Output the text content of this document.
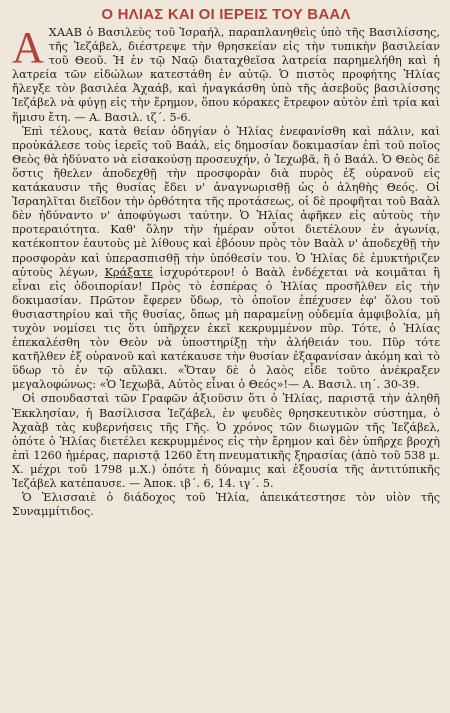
Ο ΗΛΙΑΣ ΚΑΙ ΟΙ ΙΕΡΕΙΣ ΤΟΥ ΒΑΑΛ

ΑΧΑΑΒ ὁ Βασιλεὺς τοῦ Ἰσραήλ, παραπλανηθεὶς ὑπὸ τῆς Βασιλίσσης, τῆς Ἰεζάβελ, διέστρεψε τὴν θρησκείαν εἰς τὴν τυπικὴν βασιλείαν τοῦ Θεοῦ. Ἡ ἐν τῷ Ναῷ διαταχθεῖσα λατρεία παρημελήθη καὶ ἡ λατρεία τῶν εἰδώλων κατεστάθη ἐν αὐτῷ. Ὁ πιστὸς προφήτης Ἠλίας ἤλεγξε τὸν βασιλέα Ἀχαάβ, καὶ ἠναγκάσθη ὑπὸ τῆς ἀσεβοῦς βασιλίσσης Ἰεζάβελ νὰ φύγῃ εἰς τὴν ἔρημον, ὅπου κόρακες ἔτρεφον αὐτὸν ἐπὶ τρία καὶ ἥμισυ ἔτη. — Α. Βασιλ. ιζ΄. 5-6.

Ἐπὶ τέλους, κατὰ θείαν ὁδηγίαν ὁ Ἠλίας ἐνεφανίσθη καὶ πάλιν, καὶ προὐκάλεσε τοὺς ἱερεῖς τοῦ Βαάλ, εἰς δημοσίαν δοκιμασίαν ἐπὶ τοῦ ποῖος Θεὸς θὰ ἠδύνατο νὰ εἰσακούσῃ προσευχήν, ὁ Ἰεχωβᾶ, ἢ ὁ Βαάλ. Ὁ Θεὸς δὲ ὅστις ἤθελεν ἀποδεχθῇ τὴν προσφορὰν διὰ πυρὸς ἐξ οὐρανοῦ εἰς κατάκαυσιν τῆς θυσίας ἔδει ν' ἀναγνωρισθῇ ὡς ὁ ἀληθὴς Θεός. Οἱ Ἰσραηλῖται διεῖδον τὴν ὀρθότητα τῆς προτάσεως, οἱ δὲ προφῆται τοῦ Βαὰλ δὲν ἠδύναντο ν' ἀποφύγωσι ταύτην. Ὁ Ἠλίας ἀφῆκεν εἰς αὐτοὺς τὴν προτεραιότητα. Καθ' ὅλην τὴν ἡμέραν οὗτοι διετέλουν ἐν ἀγωνίᾳ, κατέκοπτον ἑαυτοὺς μὲ λίθους καὶ ἐβόουν πρὸς τὸν Βαὰλ ν' ἀποδεχθῇ τὴν προσφορὰν καὶ ὑπερασπισθῇ τὴν ὑπόθεσίν του. Ὁ Ἠλίας δὲ ἐμυκτήριζεν αὐτοὺς λέγων, Κράξατε ἰσχυρότερον! ὁ Βαὰλ ἐνδέχεται νὰ κοιμᾶται ἢ εἶναι εἰς ὁδοιπορίαν! Πρὸς τὸ ἑσπέρας ὁ Ἠλίας προσῆλθεν εἰς τὴν δοκιμασίαν. Πρῶτον ἔφερεν ὕδωρ, τὸ ὁποῖον ἐπέχυσεν ἐφ' ὅλου τοῦ θυσιαστηρίου καὶ τῆς θυσίας, ὅπως μὴ παραμείνῃ οὐδεμία ἀμφιβολία, μὴ τυχὸν νομίσει τις ὅτι ὑπῆρχεν ἐκεῖ κεκρυμμένον πῦρ. Τότε, ὁ Ἠλίας ἐπεκαλέσθη τὸν Θεὸν νὰ ὑποστηρίξῃ τὴν ἀλήθειάν του. Πῦρ τότε κατῆλθεν ἐξ οὐρανοῦ καὶ κατέκαυσε τὴν θυσίαν ἐξαφανίσαν ἀκόμη καὶ τὸ ὕδωρ τὸ ἐν τῷ αὔλακι. «Ὅταν δὲ ὁ λαὸς εἶδε τοῦτο ἀνέκραξεν μεγαλοφώνως: «Ὁ Ἰεχωβᾶ, Αὐτὸς εἶναι ὁ Θεός»!— Α. Βασιλ. ιη΄. 30-39.

Οἱ σπουδασταὶ τῶν Γραφῶν ἀξιοῦσιν ὅτι ὁ Ἠλίας, παριστᾷ τὴν ἀληθῆ Ἐκκλησίαν, ἡ Βασίλισσα Ἰεζάβελ, ἐν ψευδὲς θρησκευτικὸν σύστημα, ὁ Ἀχαὰβ τὰς κυβερνήσεις τῆς Γῆς. Ὁ χρόνος τῶν διωγμῶν τῆς Ἰεζάβελ, ὁπότε ὁ Ἠλίας διετέλει κεκρυμμένος εἰς τὴν ἔρημον καὶ δὲν ὑπῆρχε βροχὴ ἐπὶ 1260 ἡμέρας, παριστᾷ 1260 ἔτη πνευματικῆς ξηρασίας (ἀπὸ τοῦ 538 μ. Χ. μέχρι τοῦ 1798 μ.Χ.) ὁπότε ἡ δύναμις καὶ ἐξουσία τῆς ἀντιτύπικῆς Ἰεζάβελ κατέπαυσε. — Ἀποκ. ιβ΄. 6, 14. ιγ΄. 5.

Ὁ Ἐλισσαιὲ ὁ διάδοχος τοῦ Ἠλία, ἀπεικάτεστησε τὸν υἱὸν τῆς Συναμμίτιδος.
